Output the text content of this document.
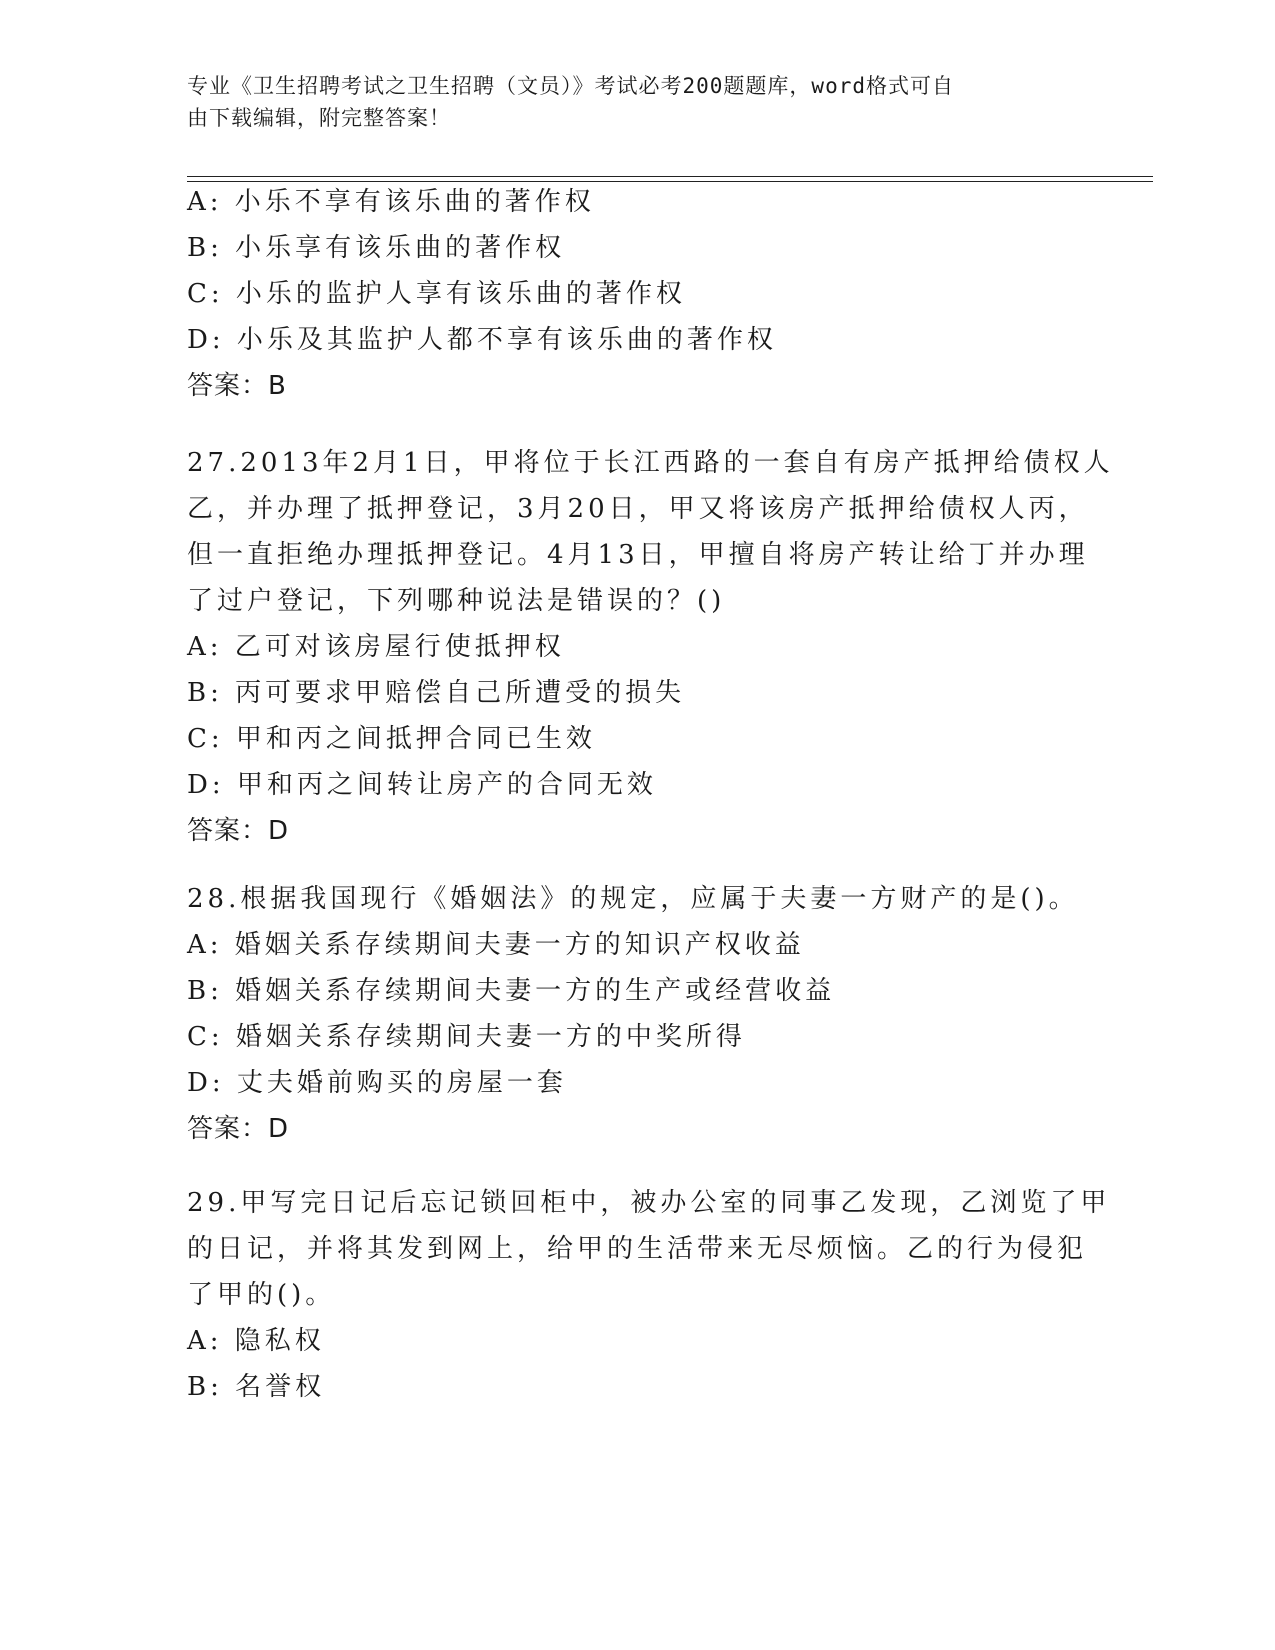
专业《卫生招聘考试之卫生招聘（文员）》考试必考200题题库，word格式可自
由下载编辑，附完整答案！
A: 小乐不享有该乐曲的著作权
B: 小乐享有该乐曲的著作权
C: 小乐的监护人享有该乐曲的著作权
D: 小乐及其监护人都不享有该乐曲的著作权
答案：B
27.2013年2月1日，甲将位于长江西路的一套自有房产抵押给债权人
乙，并办理了抵押登记，3月20日，甲又将该房产抵押给债权人丙，
但一直拒绝办理抵押登记。4月13日，甲擅自将房产转让给丁并办理
了过户登记，下列哪种说法是错误的？()
A: 乙可对该房屋行使抵押权
B: 丙可要求甲赔偿自己所遭受的损失
C: 甲和丙之间抵押合同已生效
D: 甲和丙之间转让房产的合同无效
答案：D
28.根据我国现行《婚姻法》的规定，应属于夫妻一方财产的是()。
A: 婚姻关系存续期间夫妻一方的知识产权收益
B: 婚姻关系存续期间夫妻一方的生产或经营收益
C: 婚姻关系存续期间夫妻一方的中奖所得
D: 丈夫婚前购买的房屋一套
答案：D
29.甲写完日记后忘记锁回柜中，被办公室的同事乙发现，乙浏览了甲
的日记，并将其发到网上，给甲的生活带来无尽烦恼。乙的行为侵犯
了甲的()。
A: 隐私权
B: 名誉权
